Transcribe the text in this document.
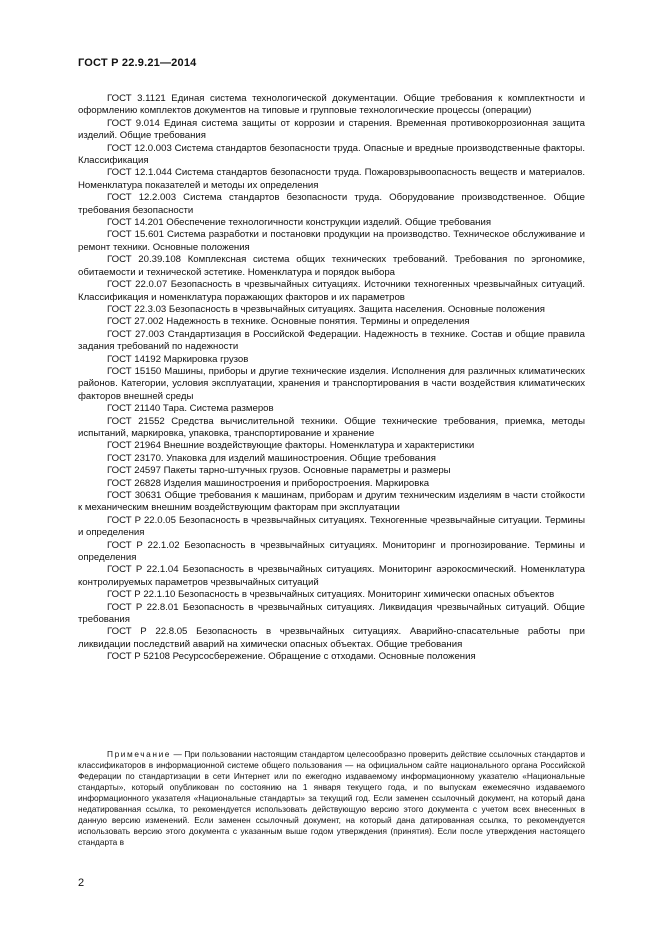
ГОСТ Р 22.9.21—2014

ГОСТ 3.1121 Единая система технологической документации. Общие требования к комплектности и оформлению комплектов документов на типовые и групповые технологические процессы (операции)

ГОСТ 9.014 Единая система защиты от коррозии и старения. Временная противокоррозионная защита изделий. Общие требования

ГОСТ 12.0.003 Система стандартов безопасности труда. Опасные и вредные производственные факторы. Классификация

ГОСТ 12.1.044 Система стандартов безопасности труда. Пожаровзрывоопасность веществ и материалов. Номенклатура показателей и методы их определения

ГОСТ 12.2.003 Система стандартов безопасности труда. Оборудование производственное. Общие требования безопасности

ГОСТ 14.201 Обеспечение технологичности конструкции изделий. Общие требования

ГОСТ 15.601 Система разработки и постановки продукции на производство. Техническое обслуживание и ремонт техники. Основные положения

ГОСТ 20.39.108 Комплексная система общих технических требований. Требования по эргономике, обитаемости и технической эстетике. Номенклатура и порядок выбора

ГОСТ 22.0.07 Безопасность в чрезвычайных ситуациях. Источники техногенных чрезвычайных ситуаций. Классификация и номенклатура поражающих факторов и их параметров

ГОСТ 22.3.03 Безопасность в чрезвычайных ситуациях. Защита населения. Основные положения

ГОСТ 27.002 Надежность в технике. Основные понятия. Термины и определения

ГОСТ 27.003 Стандартизация в Российской Федерации. Надежность в технике. Состав и общие правила задания требований по надежности

ГОСТ 14192 Маркировка грузов

ГОСТ 15150 Машины, приборы и другие технические изделия. Исполнения для различных климатических районов. Категории, условия эксплуатации, хранения и транспортирования в части воздействия климатических факторов внешней среды

ГОСТ 21140 Тара. Система размеров

ГОСТ 21552 Средства вычислительной техники. Общие технические требования, приемка, методы испытаний, маркировка, упаковка, транспортирование и хранение

ГОСТ 21964 Внешние воздействующие факторы. Номенклатура и характеристики

ГОСТ 23170. Упаковка для изделий машиностроения. Общие требования

ГОСТ 24597 Пакеты тарно-штучных грузов. Основные параметры и размеры

ГОСТ 26828 Изделия машиностроения и приборостроения. Маркировка

ГОСТ 30631 Общие требования к машинам, приборам и другим техническим изделиям в части стойкости к механическим внешним воздействующим факторам при эксплуатации

ГОСТ Р 22.0.05 Безопасность в чрезвычайных ситуациях. Техногенные чрезвычайные ситуации. Термины и определения

ГОСТ Р 22.1.02 Безопасность в чрезвычайных ситуациях. Мониторинг и прогнозирование. Термины и определения

ГОСТ Р 22.1.04 Безопасность в чрезвычайных ситуациях. Мониторинг аэрокосмический. Номенклатура контролируемых параметров чрезвычайных ситуаций

ГОСТ Р 22.1.10 Безопасность в чрезвычайных ситуациях. Мониторинг химически опасных объектов

ГОСТ Р 22.8.01 Безопасность в чрезвычайных ситуациях. Ликвидация чрезвычайных ситуаций. Общие требования

ГОСТ Р 22.8.05 Безопасность в чрезвычайных ситуациях. Аварийно-спасательные работы при ликвидации последствий аварий на химически опасных объектах. Общие требования

ГОСТ Р 52108 Ресурсосбережение. Обращение с отходами. Основные положения

Примечание — При пользовании настоящим стандартом целесообразно проверить действие ссылочных стандартов и классификаторов в информационной системе общего пользования — на официальном сайте национального органа Российской Федерации по стандартизации в сети Интернет или по ежегодно издаваемому информационному указателю «Национальные стандарты», который опубликован по состоянию на 1 января текущего года, и по выпускам ежемесячно издаваемого информационного указателя «Национальные стандарты» за текущий год. Если заменен ссылочный документ, на который дана недатированная ссылка, то рекомендуется использовать действующую версию этого документа с учетом всех внесенных в данную версию изменений. Если заменен ссылочный документ, на который дана датированная ссылка, то рекомендуется использовать версию этого документа с указанным выше годом утверждения (принятия). Если после утверждения настоящего стандарта в

2
